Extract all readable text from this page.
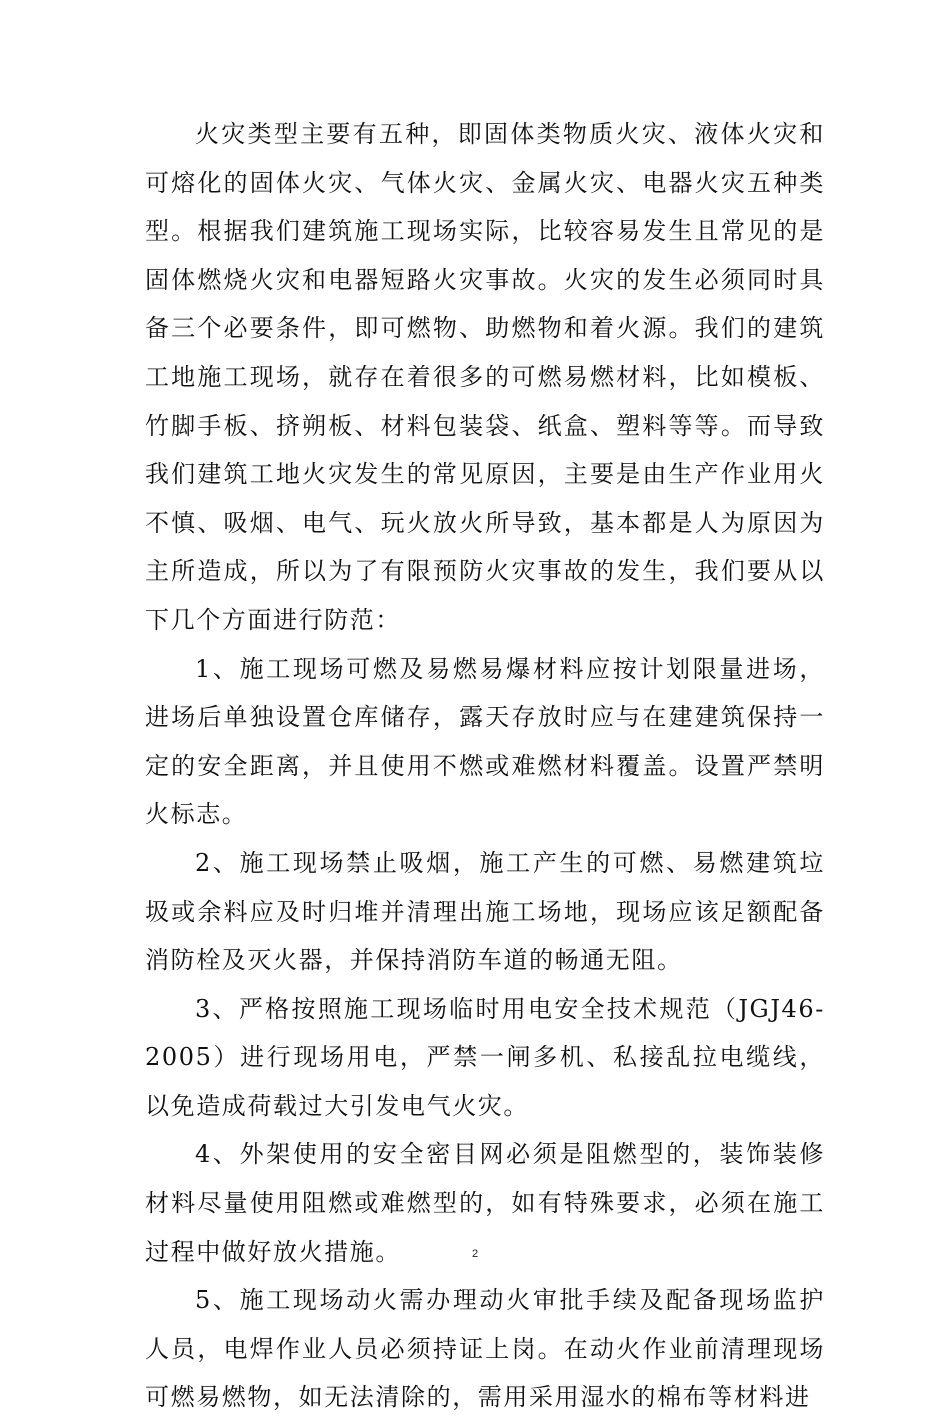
火灾类型主要有五种，即固体类物质火灾、液体火灾和可熔化的固体火灾、气体火灾、金属火灾、电器火灾五种类型。根据我们建筑施工现场实际，比较容易发生且常见的是固体燃烧火灾和电器短路火灾事故。火灾的发生必须同时具备三个必要条件，即可燃物、助燃物和着火源。我们的建筑工地施工现场，就存在着很多的可燃易燃材料，比如模板、竹脚手板、挤朔板、材料包装袋、纸盒、塑料等等。而导致我们建筑工地火灾发生的常见原因，主要是由生产作业用火不慎、吸烟、电气、玩火放火所导致，基本都是人为原因为主所造成，所以为了有限预防火灾事故的发生，我们要从以下几个方面进行防范：

1、施工现场可燃及易燃易爆材料应按计划限量进场，进场后单独设置仓库储存，露天存放时应与在建建筑保持一定的安全距离，并且使用不燃或难燃材料覆盖。设置严禁明火标志。

2、施工现场禁止吸烟，施工产生的可燃、易燃建筑垃圾或余料应及时归堆并清理出施工场地，现场应该足额配备消防栓及灭火器，并保持消防车道的畅通无阻。

3、严格按照施工现场临时用电安全技术规范（JGJ46-2005）进行现场用电，严禁一闸多机、私接乱拉电缆线，以免造成荷载过大引发电气火灾。

4、外架使用的安全密目网必须是阻燃型的，装饰装修材料尽量使用阻燃或难燃型的，如有特殊要求，必须在施工过程中做好放火措施。

5、施工现场动火需办理动火审批手续及配备现场监护人员，电焊作业人员必须持证上岗。在动火作业前清理现场可燃易燃物，如无法清除的，需用采用湿水的棉布等材料进

2
